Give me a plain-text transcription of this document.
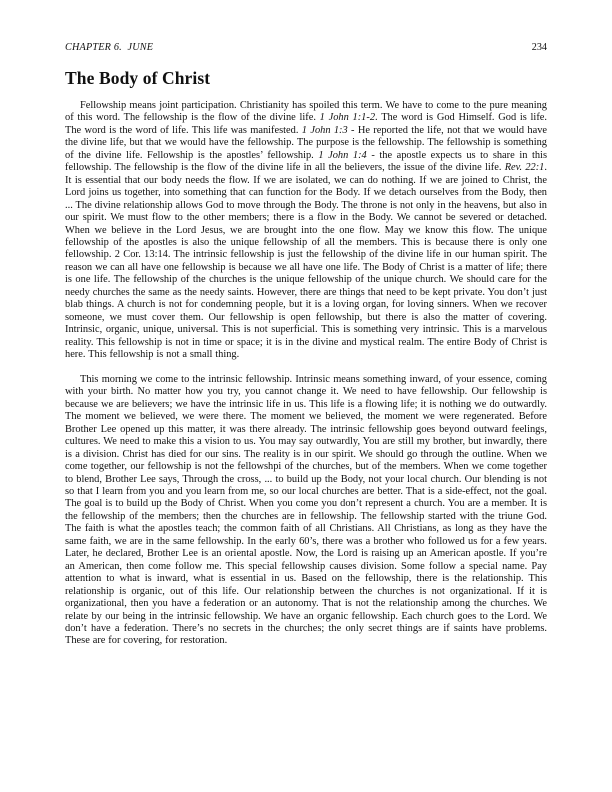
CHAPTER 6. JUNE	234
The Body of Christ

Fellowship means joint participation. Christianity has spoiled this term. We have to come to the pure meaning of this word. The fellowship is the flow of the divine life. 1 John 1:1-2. The word is God Himself. God is life. The word is the word of life. This life was manifested. 1 John 1:3 - He reported the life, not that we would have the divine life, but that we would have the fellowship. The purpose is the fellowship. The fellowship is something of the divine life. Fellowship is the apostles’ fellowship. 1 John 1:4 - the apostle expects us to share in this fellowship. The fellowship is the flow of the divine life in all the believers, the issue of the divine life. Rev. 22:1. It is essential that our body needs the flow. If we are isolated, we can do nothing. If we are joined to Christ, the Lord joins us together, into something that can function for the Body. If we detach ourselves from the Body, then ... The divine relationship allows God to move through the Body. The throne is not only in the heavens, but also in our spirit. We must flow to the other members; there is a flow in the Body. We cannot be severed or detached. When we believe in the Lord Jesus, we are brought into the one flow. May we know this flow. The unique fellowship of the apostles is also the unique fellowship of all the members. This is because there is only one fellowship. 2 Cor. 13:14. The intrinsic fellowship is just the fellowship of the divine life in our human spirit. The reason we can all have one fellowship is because we all have one life. The Body of Christ is a matter of life; there is one life. The fellowship of the churches is the unique fellowship of the unique church. We should care for the needy churches the same as the needy saints. However, there are things that need to be kept private. You don’t just blab things. A church is not for condemning people, but it is a loving organ, for loving sinners. When we recover someone, we must cover them. Our fellowship is open fellowship, but there is also the matter of covering. Intrinsic, organic, unique, universal. This is not superficial. This is something very intrinsic. This is a marvelous reality. This fellowship is not in time or space; it is in the divine and mystical realm. The entire Body of Christ is here. This fellowship is not a small thing.

This morning we come to the intrinsic fellowship. Intrinsic means something inward, of your essence, coming with your birth. No matter how you try, you cannot change it. We need to have fellowship. Our fellowship is because we are believers; we have the intrinsic life in us. This life is a flowing life; it is nothing we do outwardly. The moment we believed, we were there. The moment we believed, the moment we were regenerated. Before Brother Lee opened up this matter, it was there already. The intrinsic fellowship goes beyond outward feelings, cultures. We need to make this a vision to us. You may say outwardly, You are still my brother, but inwardly, there is a division. Christ has died for our sins. The reality is in our spirit. We should go through the outline. When we come together, our fellowship is not the fellowshpi of the churches, but of the members. When we come together to blend, Brother Lee says, Through the cross, ... to build up the Body, not your local church. Our blending is not so that I learn from you and you learn from me, so our local churches are better. That is a side-effect, not the goal. The goal is to build up the Body of Christ. When you come you don’t represent a church. You are a member. It is the fellowship of the members; then the churches are in fellowship. The fellowship started with the triune God. The faith is what the apostles teach; the common faith of all Christians. All Christians, as long as they have the same faith, we are in the same fellowship. In the early 60’s, there was a brother who followed us for a few years. Later, he declared, Brother Lee is an oriental apostle. Now, the Lord is raising up an American apostle. If you’re an American, then come follow me. This special fellowship causes division. Some follow a special name. Pay attention to what is inward, what is essential in us. Based on the fellowship, there is the relationship. This relationship is organic, out of this life. Our relationship between the churches is not organizational. If it is organizational, then you have a federation or an autonomy. That is not the relationship among the churches. We relate by our being in the intrinsic fellowship. We have an organic fellowship. Each church goes to the Lord. We don’t have a federation. There’s no secrets in the churches; the only secret things are if saints have problems. These are for covering, for restoration.
